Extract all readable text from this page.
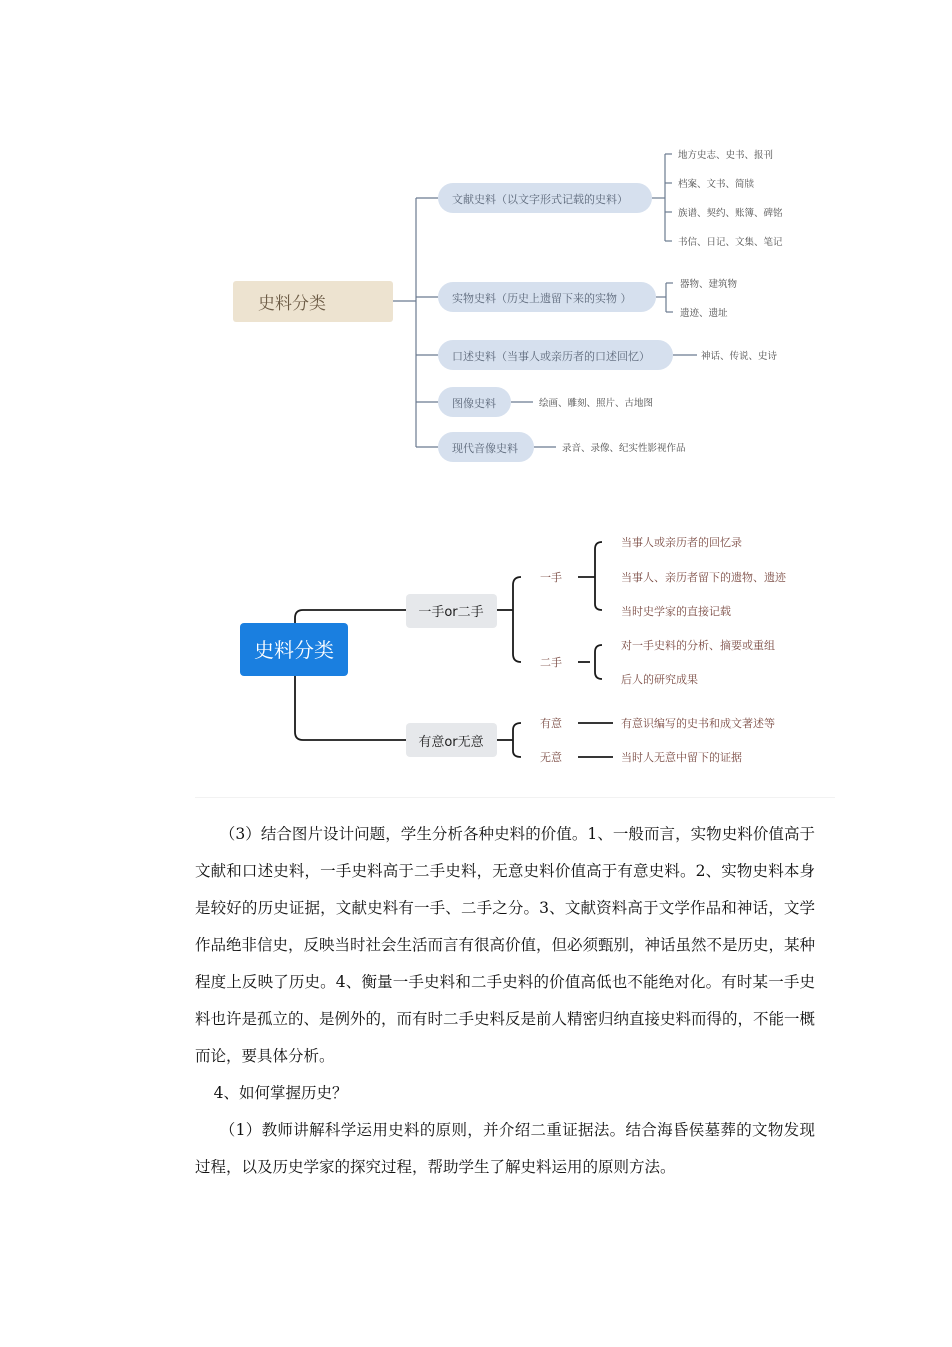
史料分类
文献史料（以文字形式记载的史料）
实物史料（历史上遗留下来的实物 ）
口述史料（当事人或亲历者的口述回忆）
图像史料
现代音像史料
地方史志、史书、报刊
档案、文书、简牍
族谱、契约、账簿、碑铭
书信、日记、文集、笔记
器物、建筑物
遗迹、遗址
神话、传说、史诗
绘画、雕刻、照片、古地图
录音、录像、纪实性影视作品
史料分类
一手or二手
有意or无意
一手
二手
有意
无意
当事人或亲历者的回忆录
当事人、亲历者留下的遗物、遗迹
当时史学家的直接记载
对一手史料的分析、摘要或重组
后人的研究成果
有意识编写的史书和成文著述等
当时人无意中留下的证据

（3）结合图片设计问题，学生分析各种史料的价值。1、一般而言，实物史料价值高于文献和口述史料，一手史料高于二手史料，无意史料价值高于有意史料。2、实物史料本身是较好的历史证据，文献史料有一手、二手之分。3、文献资料高于文学作品和神话，文学作品绝非信史，反映当时社会生活而言有很高价值，但必须甄别，神话虽然不是历史，某种程度上反映了历史。4、衡量一手史料和二手史料的价值高低也不能绝对化。有时某一手史料也许是孤立的、是例外的，而有时二手史料反是前人精密归纳直接史料而得的，不能一概而论，要具体分析。

4、如何掌握历史？

（1）教师讲解科学运用史料的原则，并介绍二重证据法。结合海昏侯墓葬的文物发现过程，以及历史学家的探究过程，帮助学生了解史料运用的原则方法。
